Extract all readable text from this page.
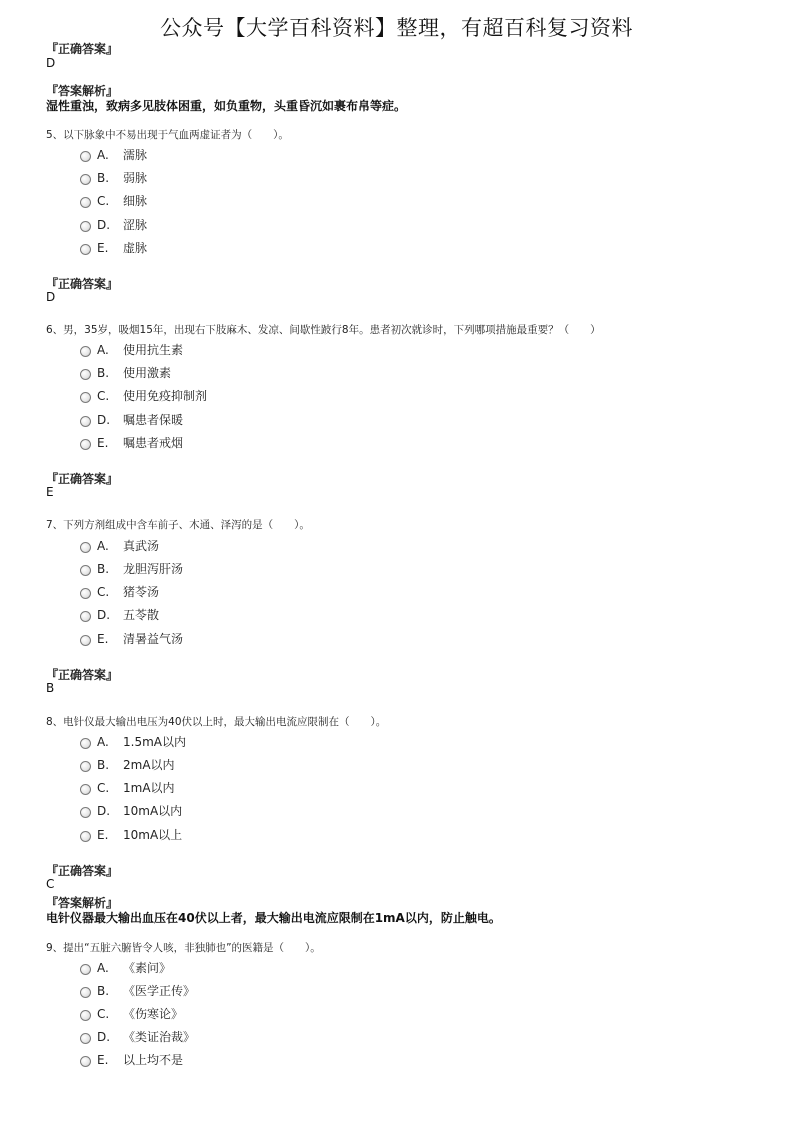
公众号【大学百科资料】整理，有超百科复习资料
『正确答案』
D
『答案解析』
湿性重浊，致病多见肢体困重，如负重物，头重昏沉如裹布帛等症。
5、以下脉象中不易出现于气血两虚证者为（　　）。
A.	濡脉
B.	弱脉
C.	细脉
D.	涩脉
E.	虚脉
『正确答案』
D
6、男，35岁，吸烟15年，出现右下肢麻木、发凉、间歇性跛行8年。患者初次就诊时，下列哪项措施最重要？（　　）
A.	使用抗生素
B.	使用激素
C.	使用免疫抑制剂
D.	嘱患者保暖
E.	嘱患者戒烟
『正确答案』
E
7、下列方剂组成中含车前子、木通、泽泻的是（　　）。
A.	真武汤
B.	龙胆泻肝汤
C.	猪苓汤
D.	五苓散
E.	清暑益气汤
『正确答案』
B
8、电针仪最大输出电压为40伏以上时，最大输出电流应限制在（　　）。
A.	1.5mA以内
B.	2mA以内
C.	1mA以内
D.	10mA以内
E.	10mA以上
『正确答案』
C
『答案解析』
电针仪器最大输出血压在40伏以上者，最大输出电流应限制在1mA以内，防止触电。
9、提出“五脏六腑皆令人咳，非独肺也”的医籍是（　　）。
A.	《素问》
B.	《医学正传》
C.	《伤寒论》
D.	《类证治裁》
E.	以上均不是
